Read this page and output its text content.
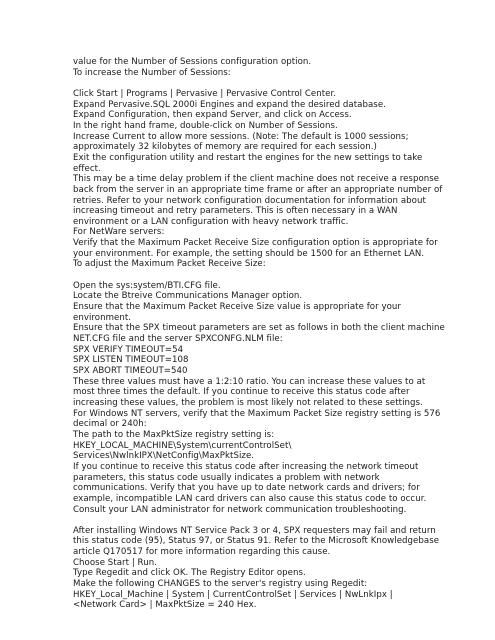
value for the Number of Sessions configuration option.

To increase the Number of Sessions:

Click Start | Programs | Pervasive | Pervasive Control Center.

Expand Pervasive.SQL 2000i Engines and expand the desired database.

Expand Configuration, then expand Server, and click on Access.

In the right hand frame, double-click on Number of Sessions.

Increase Current to allow more sessions. (Note: The default is 1000 sessions;

approximately 32 kilobytes of memory are required for each session.)

Exit the configuration utility and restart the engines for the new settings to take

effect.

This may be a time delay problem if the client machine does not receive a response

back from the server in an appropriate time frame or after an appropriate number of

retries. Refer to your network configuration documentation for information about

increasing timeout and retry parameters. This is often necessary in a WAN

environment or a LAN configuration with heavy network traffic.

For NetWare servers:

Verify that the Maximum Packet Receive Size configuration option is appropriate for

your environment. For example, the setting should be 1500 for an Ethernet LAN.

To adjust the Maximum Packet Receive Size:

Open the sys:system/BTI.CFG file.

Locate the Btreive Communications Manager option.

Ensure that the Maximum Packet Receive Size value is appropriate for your

environment.

Ensure that the SPX timeout parameters are set as follows in both the client machine

NET.CFG file and the server SPXCONFG.NLM file:

SPX VERIFY TIMEOUT=54

SPX LISTEN TIMEOUT=108

SPX ABORT TIMEOUT=540

These three values must have a 1:2:10 ratio. You can increase these values to at

most three times the default. If you continue to receive this status code after

increasing these values, the problem is most likely not related to these settings.

For Windows NT servers, verify that the Maximum Packet Size registry setting is 576

decimal or 240h:

The path to the MaxPktSize registry setting is:

HKEY_LOCAL_MACHINE\System\currentControlSet\

Services\NwlnkIPX\NetConfig\MaxPktSize.

If you continue to receive this status code after increasing the network timeout

parameters, this status code usually indicates a problem with network

communications. Verify that you have up to date network cards and drivers; for

example, incompatible LAN card drivers can also cause this status code to occur.

Consult your LAN administrator for network communication troubleshooting.

After installing Windows NT Service Pack 3 or 4, SPX requesters may fail and return

this status code (95), Status 97, or Status 91. Refer to the Microsoft Knowledgebase

article Q170517 for more information regarding this cause.

Choose Start | Run.

Type Regedit and click OK. The Registry Editor opens.

Make the following CHANGES to the server's registry using Regedit:

HKEY_Local_Machine | System | CurrentControlSet | Services | NwLnkIpx |

<Network Card> | MaxPktSize = 240 Hex.
